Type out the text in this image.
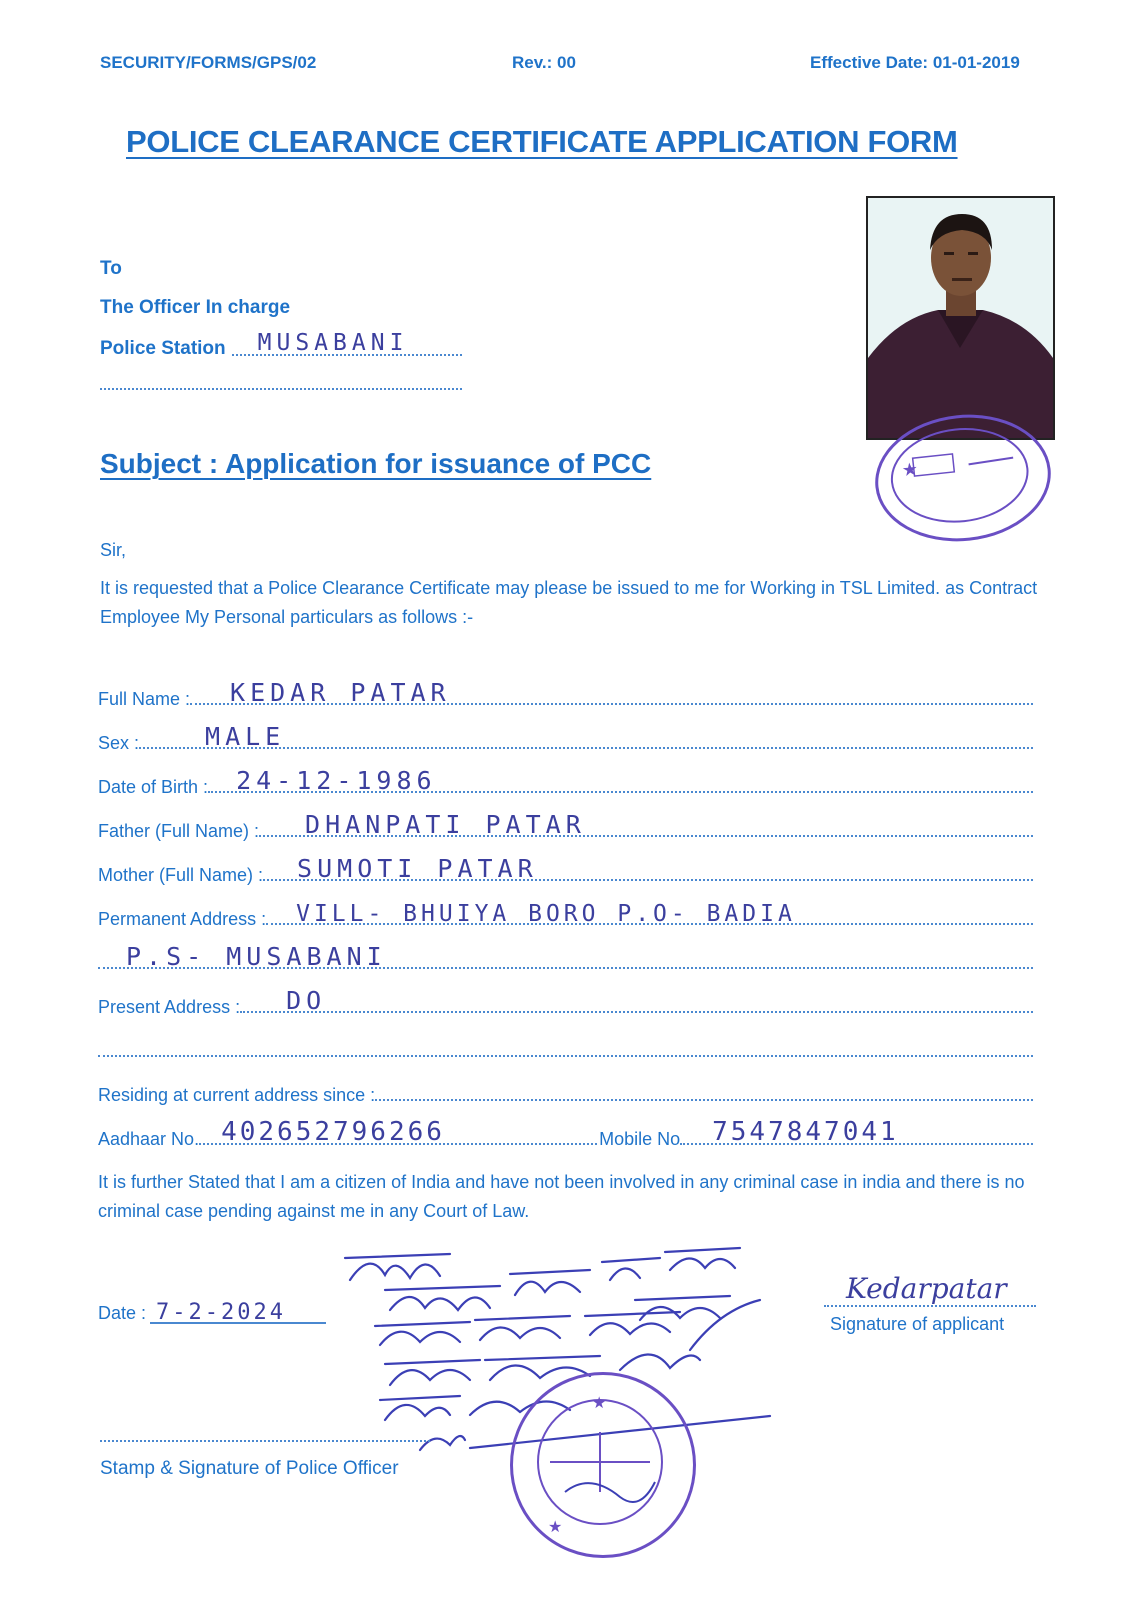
SECURITY/FORMS/GPS/02	Rev.: 00	Effective Date: 01-01-2019
POLICE CLEARANCE CERTIFICATE APPLICATION FORM
★
To
The Officer In charge
Police Station MUSABANI
Subject : Application for issuance of PCC
Sir,
It is requested that a Police Clearance Certificate may please be issued to me for Working in TSL Limited. as Contract Employee My Personal particulars as follows :-
Full Name : KEDAR PATAR
Sex :	MALE
Date of Birth : 24-12-1986
Father (Full Name) : DHANPATI PATAR
Mother (Full Name) : SUMOTI PATAR
Permanent Address : VILL- BHUIYA BORO P.O- BADIA
P.S- MUSABANI
Present Address : DO
Residing at current address since :
Aadhaar No. 402652796266	Mobile No 7547847041
It is further Stated that I am a citizen of India and have not been involved in any criminal case in india and there is no criminal case pending against me in any Court of Law.
Date : 7-2-2024
Kedarpatar
Signature of applicant
★
★
Stamp & Signature of Police Officer
